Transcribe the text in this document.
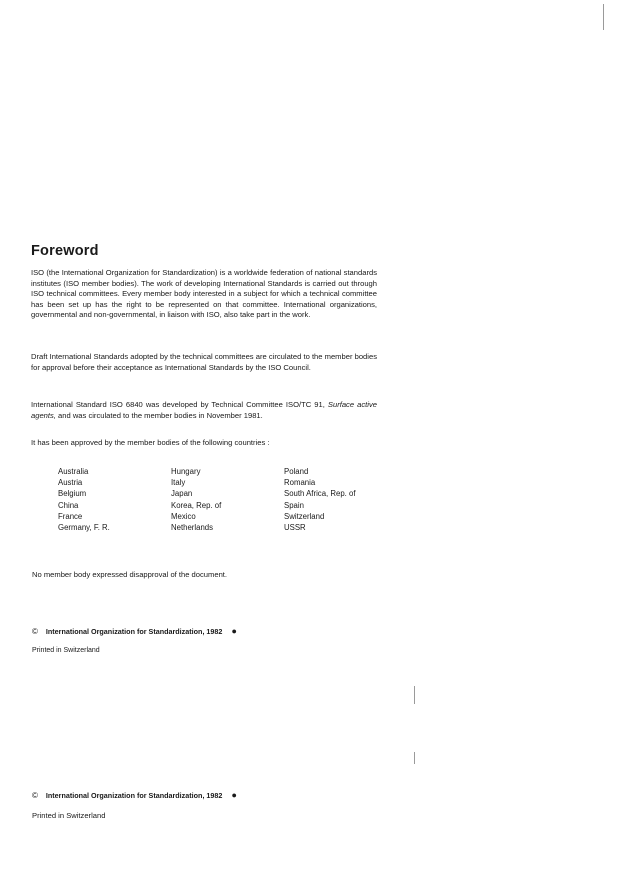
Foreword

ISO (the International Organization for Standardization) is a worldwide federation of national standards institutes (ISO member bodies). The work of developing International Standards is carried out through ISO technical committees. Every member body interested in a subject for which a technical committee has been set up has the right to be represented on that committee. International organizations, governmental and non-governmental, in liaison with ISO, also take part in the work.

Draft International Standards adopted by the technical committees are circulated to the member bodies for approval before their acceptance as International Standards by the ISO Council.

International Standard ISO 6840 was developed by Technical Committee ISO/TC 91, Surface active agents, and was circulated to the member bodies in November 1981.

It has been approved by the member bodies of the following countries :

Australia	Hungary	Poland
Austria	Italy	Romania
Belgium	Japan	South Africa, Rep. of
China	Korea, Rep. of	Spain
France	Mexico	Switzerland
Germany, F. R.	Netherlands	USSR

No member body expressed disapproval of the document.

© International Organization for Standardization, 1982 ●
Printed in Switzerland
© International Organization for Standardization, 1982 ●
Printed in Switzerland
